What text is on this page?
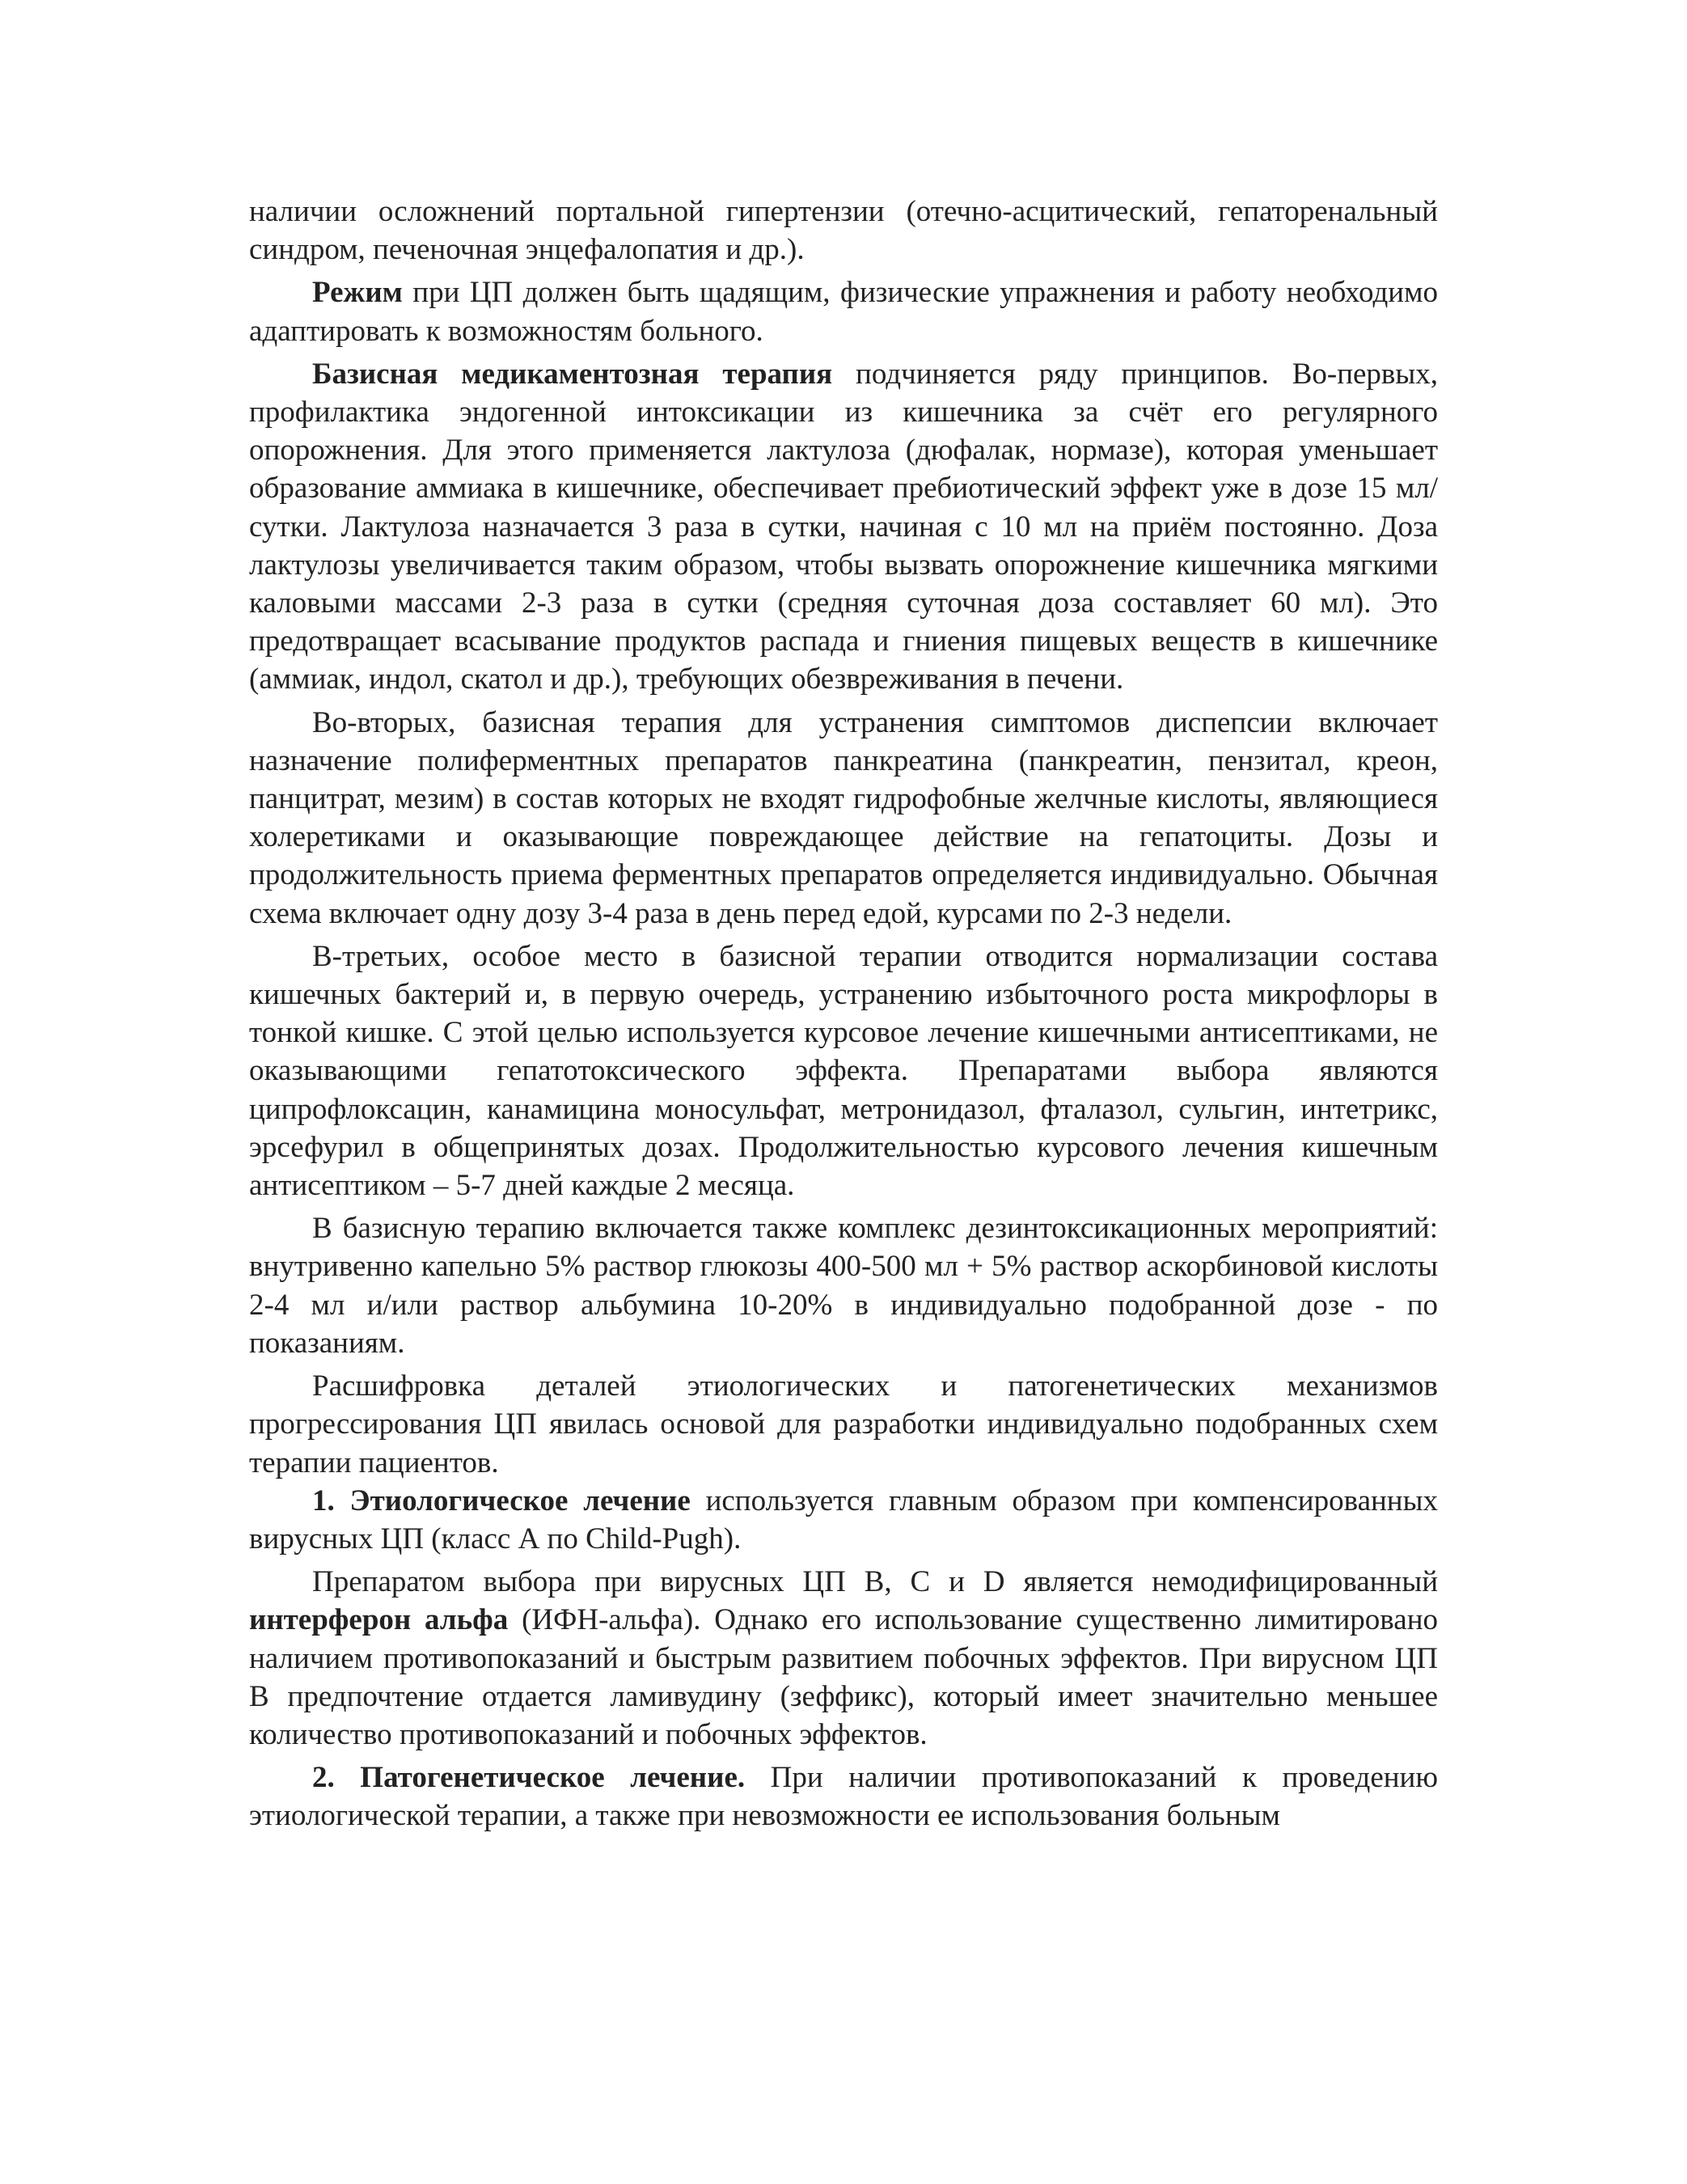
наличии осложнений портальной гипертензии (отечно-асцитический, гепаторенальный синдром, печеночная энцефалопатия и др.).

Режим при ЦП должен быть щадящим, физические упражнения и работу необходимо адаптировать к возможностям больного.

Базисная медикаментозная терапия подчиняется ряду принципов. Во-первых, профилактика эндогенной интоксикации из кишечника за счёт его регулярного опорожнения. Для этого применяется лактулоза (дюфалак, нормазе), которая уменьшает образование аммиака в кишечнике, обеспечивает пребиотический эффект уже в дозе 15 мл/сутки. Лактулоза назначается 3 раза в сутки, начиная с 10 мл на приём постоянно. Доза лактулозы увеличивается таким образом, чтобы вызвать опорожнение кишечника мягкими каловыми массами 2-3 раза в сутки (средняя суточная доза составляет 60 мл). Это предотвращает всасывание продуктов распада и гниения пищевых веществ в кишечнике (аммиак, индол, скатол и др.), требующих обезвреживания в печени.

Во-вторых, базисная терапия для устранения симптомов диспепсии включает назначение полиферментных препаратов панкреатина (панкреатин, пензитал, креон, панцитрат, мезим) в состав которых не входят гидрофобные желчные кислоты, являющиеся холеретиками и оказывающие повреждающее действие на гепатоциты. Дозы и продолжительность приема ферментных препаратов определяется индивидуально. Обычная схема включает одну дозу 3-4 раза в день перед едой, курсами по 2-3 недели.

В-третьих, особое место в базисной терапии отводится нормализации состава кишечных бактерий и, в первую очередь, устранению избыточного роста микрофлоры в тонкой кишке. С этой целью используется курсовое лечение кишечными антисептиками, не оказывающими гепатотоксического эффекта. Препаратами выбора являются ципрофлоксацин, канамицина моносульфат, метронидазол, фталазол, сульгин, интетрикс, эрсефурил в общепринятых дозах. Продолжительностью курсового лечения кишечным антисептиком – 5-7 дней каждые 2 месяца.

В базисную терапию включается также комплекс дезинтоксикационных мероприятий: внутривенно капельно 5% раствор глюкозы 400-500 мл + 5% раствор аскорбиновой кислоты 2-4 мл и/или раствор альбумина 10-20% в индивидуально подобранной дозе - по показаниям.

Расшифровка деталей этиологических и патогенетических механизмов прогрессирования ЦП явилась основой для разработки индивидуально подобранных схем терапии пациентов.

1. Этиологическое лечение используется главным образом при компенсированных вирусных ЦП (класс А по Child-Pugh).

Препаратом выбора при вирусных ЦП В, С и D является немодифицированный интерферон альфа (ИФН-альфа). Однако его использование существенно лимитировано наличием противопоказаний и быстрым развитием побочных эффектов. При вирусном ЦП В предпочтение отдается ламивудину (зеффикс), который имеет значительно меньшее количество противопоказаний и побочных эффектов.

2. Патогенетическое лечение. При наличии противопоказаний к проведению этиологической терапии, а также при невозможности ее использования больным
